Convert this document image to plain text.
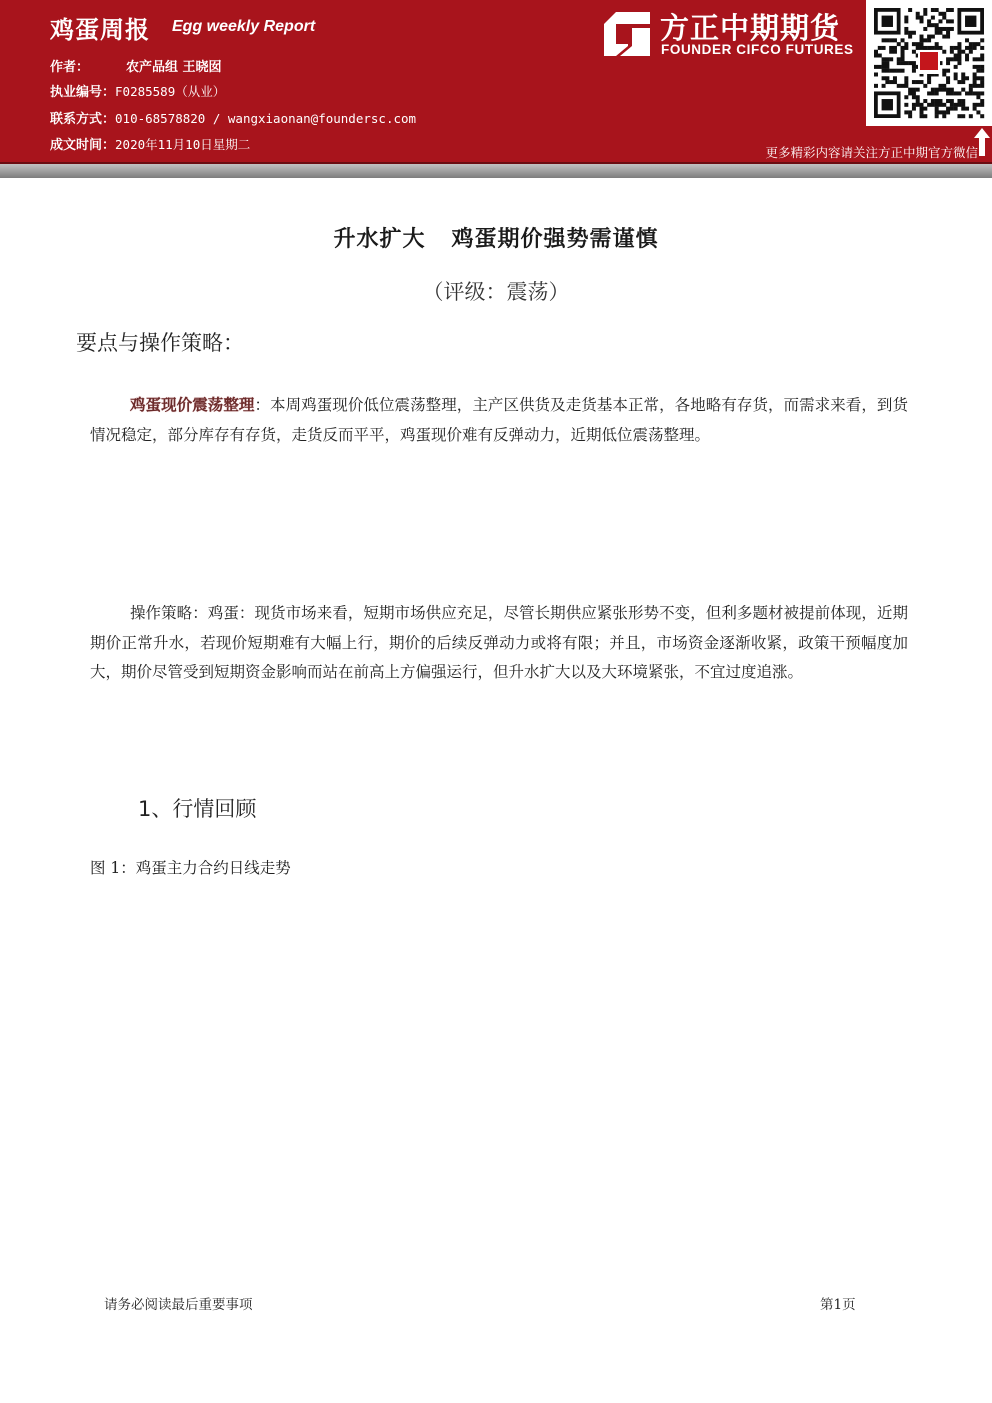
鸡蛋周报 Egg weekly Report
作者：	农产品组 王晓囡
执业编号：F0285589（从业）
联系方式：010-68578820 / wangxiaonan@foundersc.com
成文时间：2020年11月10日星期二
方正中期期货
FOUNDER CIFCO FUTURES
更多精彩内容请关注方正中期官方微信
升水扩大   鸡蛋期价强势需谨慎
（评级：震荡）
要点与操作策略：
鸡蛋现价震荡整理：本周鸡蛋现价低位震荡整理，主产区供货及走货基本正常，各地略有存货，而需求来看，到货情况稳定，部分库存有存货，走货反而平平，鸡蛋现价难有反弹动力，近期低位震荡整理。
操作策略：鸡蛋：现货市场来看，短期市场供应充足，尽管长期供应紧张形势不变，但利多题材被提前体现，近期期价正常升水，若现价短期难有大幅上行，期价的后续反弹动力或将有限；并且，市场资金逐渐收紧，政策干预幅度加大，期价尽管受到短期资金影响而站在前高上方偏强运行，但升水扩大以及大环境紧张，不宜过度追涨。
1、行情回顾
图 1：鸡蛋主力合约日线走势
请务必阅读最后重要事项	第1页
